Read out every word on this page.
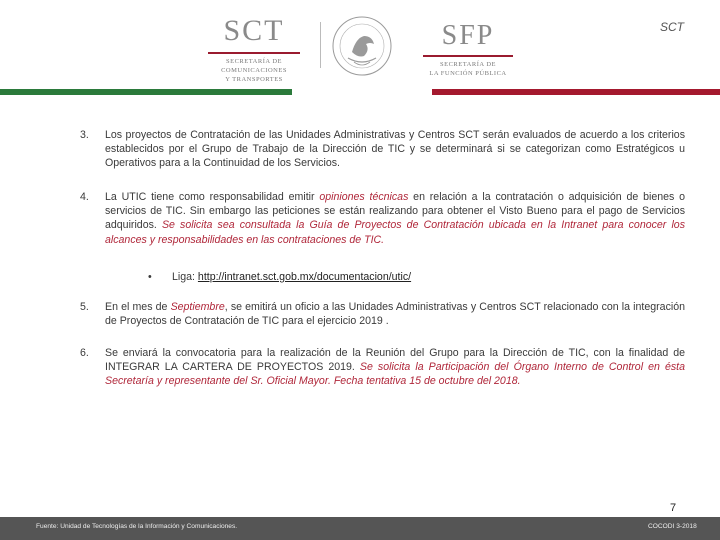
SCT
SECRETARÍA DE
COMUNICACIONES
Y TRANSPORTES
SFP
SECRETARÍA DE
LA FUNCIÓN PÚBLICA
SCT
3. Los proyectos de Contratación de las Unidades Administrativas y Centros SCT serán evaluados de acuerdo a los criterios establecidos por el Grupo de Trabajo de la Dirección de TIC y se determinará si se categorizan como Estratégicos u Operativos para a la Continuidad de los Servicios.
4. La UTIC tiene como responsabilidad emitir opiniones técnicas en relación a la contratación o adquisición de bienes o servicios de TIC. Sin embargo las peticiones se están realizando para obtener el Visto Bueno para el pago de Servicios adquiridos. Se solicita sea consultada la Guía de Proyectos de Contratación ubicada en la Intranet para conocer los alcances y responsabilidades en las contrataciones de TIC.
• Liga: http://intranet.sct.gob.mx/documentacion/utic/
5. En el mes de Septiembre, se emitirá un oficio a las Unidades Administrativas y Centros SCT relacionado con la integración de Proyectos de Contratación de TIC para el ejercicio 2019 .
6. Se enviará la convocatoria para la realización de la Reunión del Grupo para la Dirección de TIC, con la finalidad de INTEGRAR LA CARTERA DE PROYECTOS 2019. Se solicita la Participación del Órgano Interno de Control en ésta Secretaría y representante del Sr. Oficial Mayor. Fecha tentativa 15 de octubre del 2018.
7
Fuente: Unidad de Tecnologías de la Información y Comunicaciones.	COCODI 3-2018
